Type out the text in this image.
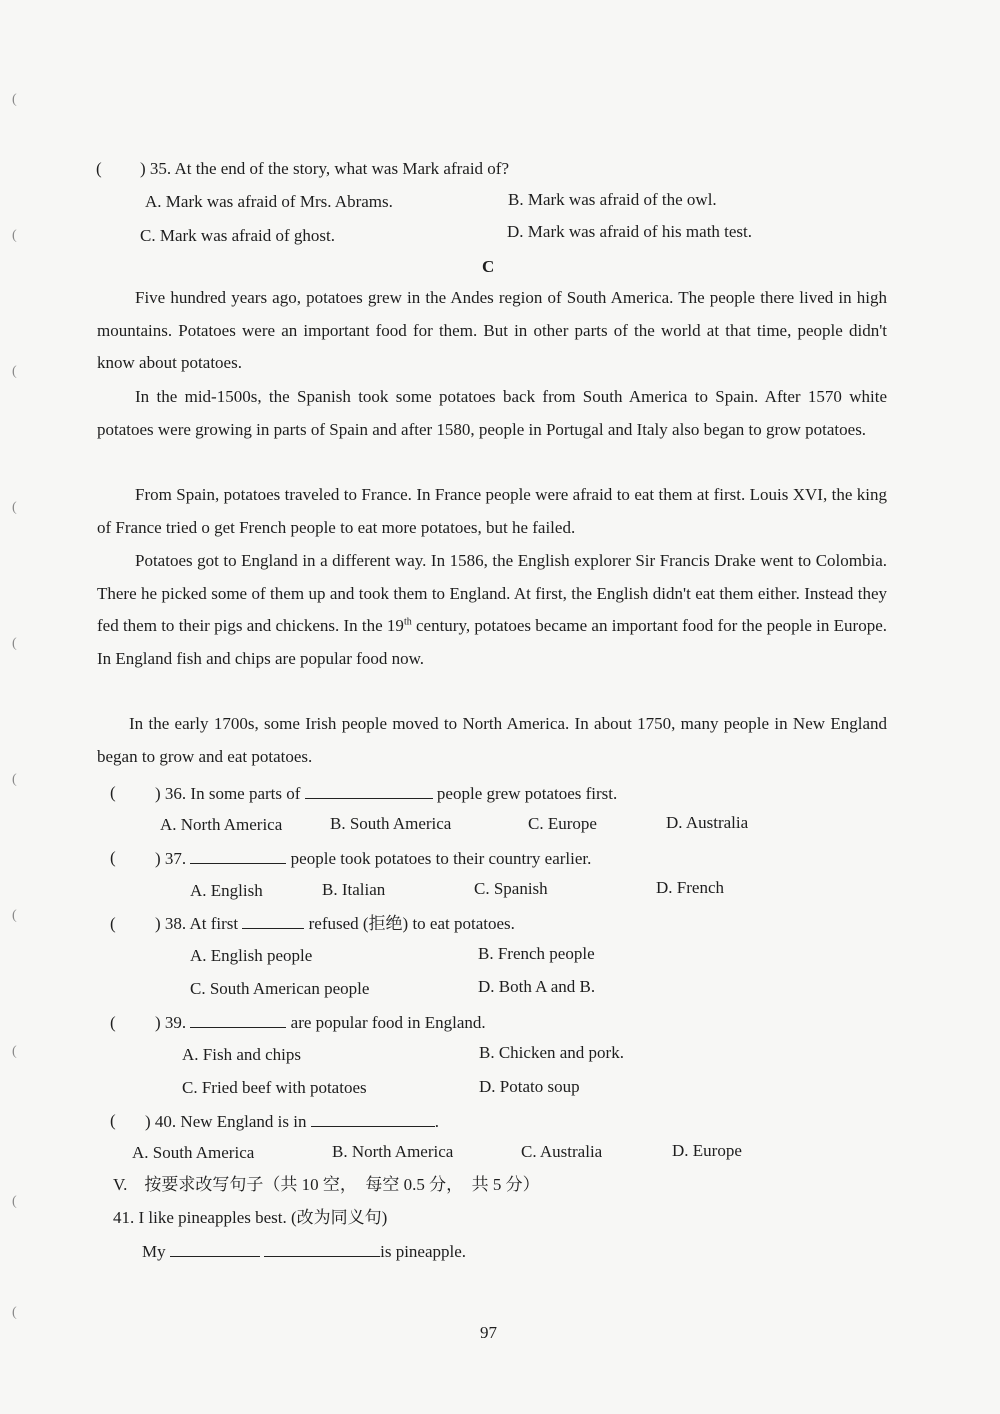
(
(
(
(
(
(
(
(
(
(
( ) 35. At the end of the story, what was Mark afraid of?
A. Mark was afraid of Mrs. Abrams.	B. Mark was afraid of the owl.
C. Mark was afraid of ghost.	D. Mark was afraid of his math test.
C
Five hundred years ago, potatoes grew in the Andes region of South America. The people there lived in high mountains. Potatoes were an important food for them. But in other parts of the world at that time, people didn't know about potatoes.
In the mid-1500s, the Spanish took some potatoes back from South America to Spain. After 1570 white potatoes were growing in parts of Spain and after 1580, people in Portugal and Italy also began to grow potatoes.
From Spain, potatoes traveled to France. In France people were afraid to eat them at first. Louis XVI, the king of France tried o get French people to eat more potatoes, but he failed.
Potatoes got to England in a different way. In 1586, the English explorer Sir Francis Drake went to Colombia. There he picked some of them up and took them to England. At first, the English didn't eat them either. Instead they fed them to their pigs and chickens. In the 19th century, potatoes became an important food for the people in Europe. In England fish and chips are popular food now.
In the early 1700s, some Irish people moved to North America. In about 1750, many people in New England began to grow and eat potatoes.
( ) 36. In some parts of	people grew potatoes first.
A. North America	B. South America	C. Europe	D. Australia
( ) 37.	people took potatoes to their country earlier.
A. English	B. Italian	C. Spanish	D. French
( ) 38. At first	refused (拒绝) to eat potatoes.
A. English people	B. French people
C. South American people	D. Both A and B.
( ) 39.	are popular food in England.
A. Fish and chips	B. Chicken and pork.
C. Fried beef with potatoes	D. Potato soup
( ) 40. New England is in	.
A. South America	B. North America	C. Australia	D. Europe
V.　按要求改写句子（共 10 空，　每空 0.5 分，　共 5 分）
41. I like pineapples best. (改为同义句)
My	is pineapple.
97
